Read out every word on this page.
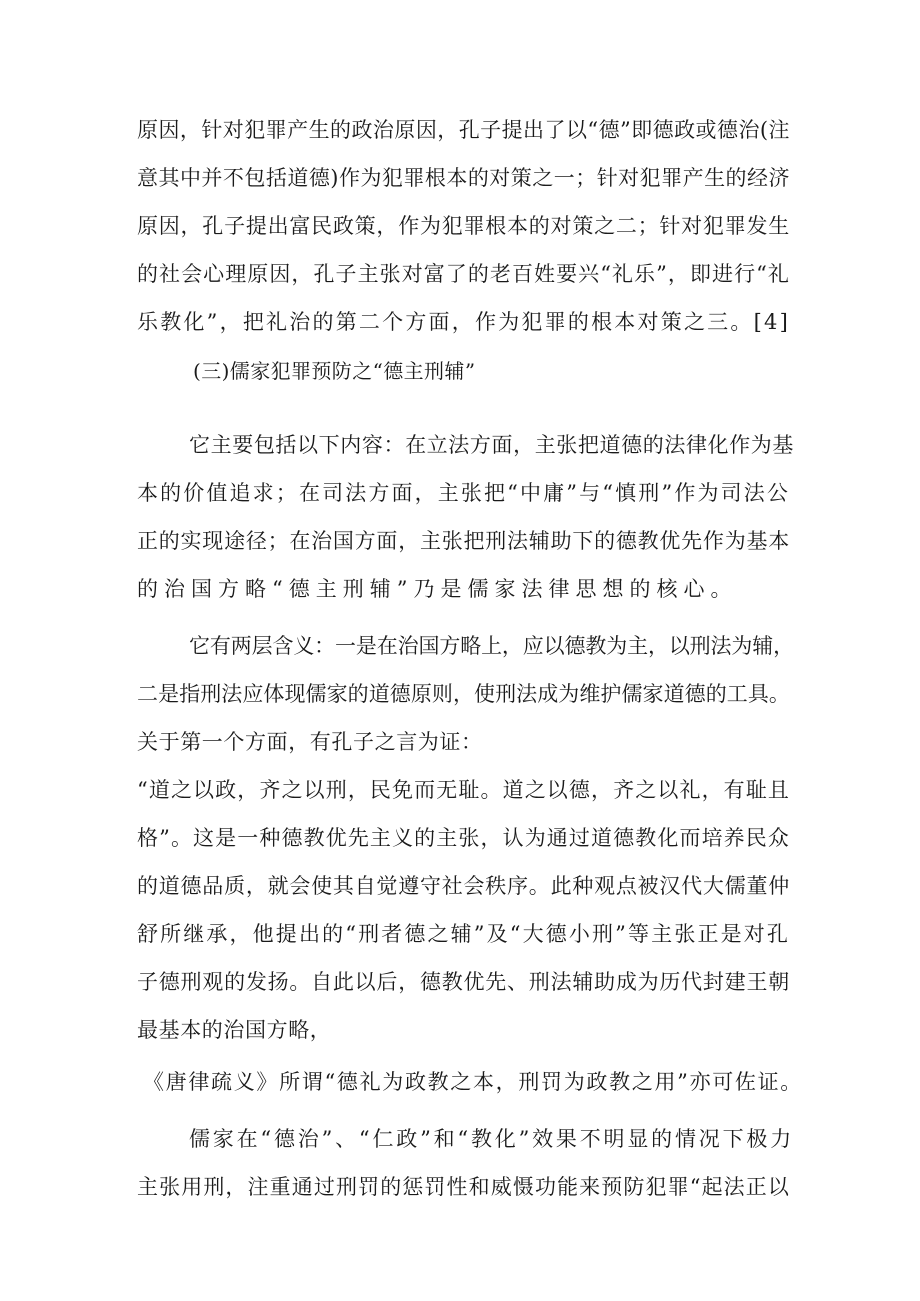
原因，针对犯罪产生的政治原因，孔子提出了以“德”即德政或德治(注
意其中并不包括道德)作为犯罪根本的对策之一；针对犯罪产生的经济
原因，孔子提出富民政策，作为犯罪根本的对策之二；针对犯罪发生
的社会心理原因，孔子主张对富了的老百姓要兴“礼乐”，即进行“礼
乐教化”，把礼治的第二个方面，作为犯罪的根本对策之三。[4]
(三)儒家犯罪预防之“德主刑辅”
它主要包括以下内容：在立法方面，主张把道德的法律化作为基
本的价值追求；在司法方面，主张把“中庸”与“慎刑”作为司法公
正的实现途径；在治国方面，主张把刑法辅助下的德教优先作为基本
的治国方略“德主刑辅”乃是儒家法律思想的核心。
它有两层含义：一是在治国方略上，应以德教为主，以刑法为辅，
二是指刑法应体现儒家的道德原则，使刑法成为维护儒家道德的工具。
关于第一个方面，有孔子之言为证：
“道之以政，齐之以刑，民免而无耻。道之以德，齐之以礼，有耻且
格”。这是一种德教优先主义的主张，认为通过道德教化而培养民众
的道德品质，就会使其自觉遵守社会秩序。此种观点被汉代大儒董仲
舒所继承，他提出的“刑者德之辅”及“大德小刑”等主张正是对孔
子德刑观的发扬。自此以后，德教优先、刑法辅助成为历代封建王朝
最基本的治国方略，
《唐律疏义》所谓“德礼为政教之本，刑罚为政教之用”亦可佐证。
儒家在“德治”、“仁政”和“教化”效果不明显的情况下极力
主张用刑，注重通过刑罚的惩罚性和威慑功能来预防犯罪“起法正以
